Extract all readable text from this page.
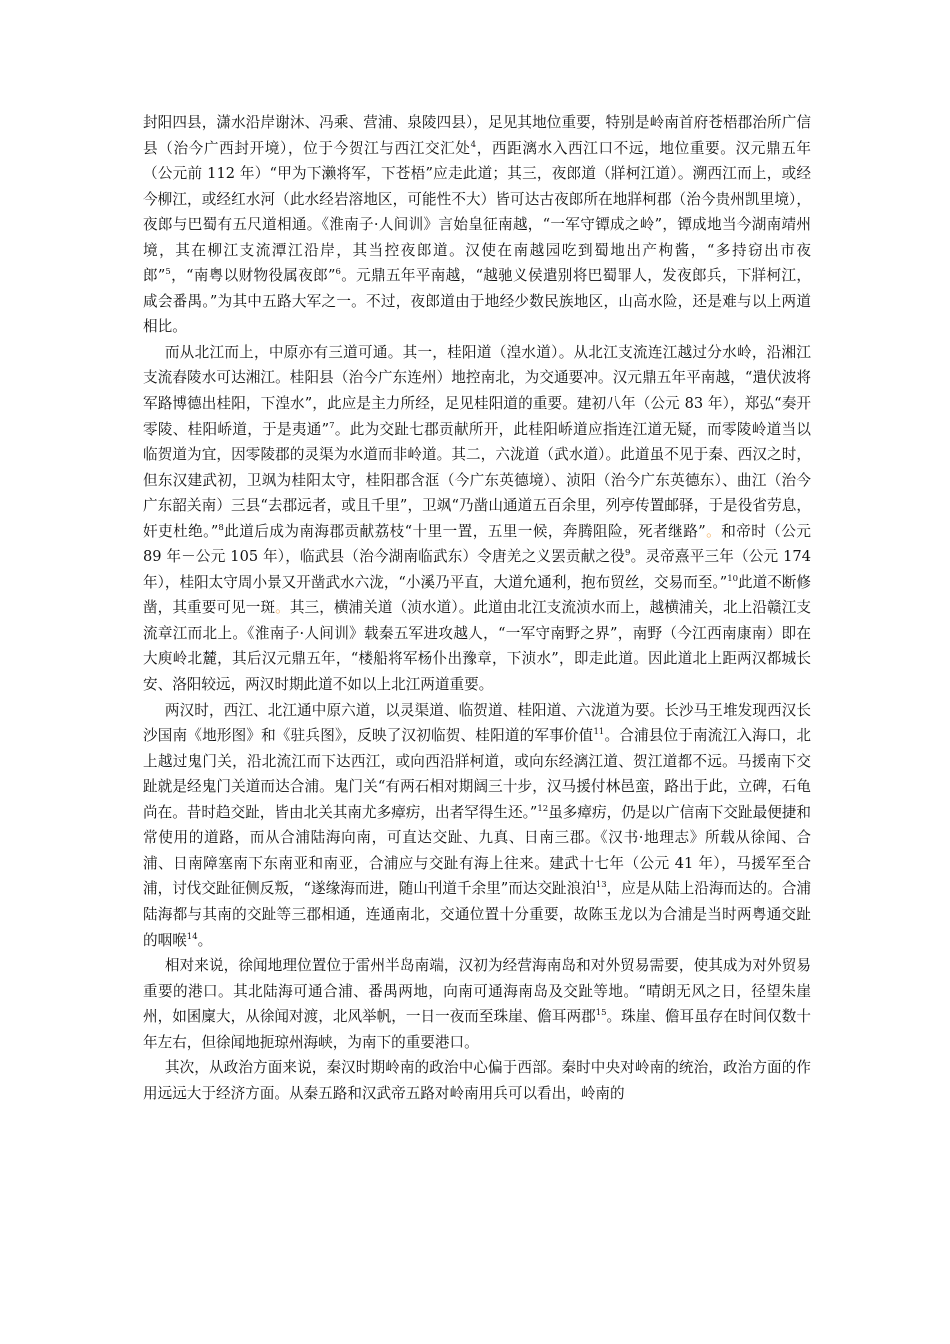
封阳四县，潇水沿岸谢沐、冯乘、营浦、泉陵四县），足见其地位重要，特别是岭南首府苍梧郡治所广信县（治今广西封开境），位于今贺江与西江交汇处$^4$，西距漓水入西江口不远，地位重要。汉元鼎五年（公元前 112 年）“甲为下濑将军，下苍梧”应走此道；其三，夜郎道（牂柯江道）。溯西江而上，或经今柳江，或经红水河（此水经岩溶地区，可能性不大）皆可达古夜郎所在地牂柯郡（治今贵州凯里境），夜郎与巴蜀有五尺道相通。《淮南子·人间训》言始皇征南越，“一军守镡成之岭”，镡成地当今湖南靖州境，其在柳江支流潭江沿岸，其当控夜郎道。汉使在南越园吃到蜀地出产枸酱，“多持窃出市夜郎”$^5$，“南粤以财物役属夜郎”$^6$。元鼎五年平南越，“越驰义侯遣别将巴蜀罪人，发夜郎兵，下牂柯江，咸会番禺。”为其中五路大军之一。不过，夜郎道由于地经少数民族地区，山高水险，还是难与以上两道相比。

而从北江而上，中原亦有三道可通。其一，桂阳道（湟水道）。从北江支流连江越过分水岭，沿湘江支流舂陵水可达湘江。桂阳县（治今广东连州）地控南北，为交通要冲。汉元鼎五年平南越，“遣伏波将军路博德出桂阳，下湟水”，此应是主力所经，足见桂阳道的重要。建初八年（公元 83 年），郑弘“奏开零陵、桂阳峤道，于是夷通”$^7$。此为交趾七郡贡献所开，此桂阳峤道应指连江道无疑，而零陵岭道当以临贺道为宜，因零陵郡的灵渠为水道而非岭道。其二，六泷道（武水道）。此道虽不见于秦、西汉之时，但东汉建武初，卫飒为桂阳太守，桂阳郡含洭（今广东英德境）、浈阳（治今广东英德东）、曲江（治今广东韶关南）三县“去郡远者，或且千里”，卫飒“乃凿山通道五百余里，列亭传置邮驿，于是役省劳息，奸吏杜绝。”$^8$此道后成为南海郡贡献荔枝“十里一置，五里一候，奔腾阻险，死者继路”。和帝时（公元 89 年－公元 105 年），临武县（治今湖南临武东）令唐羌之义罢贡献之役$^9$。灵帝熹平三年（公元 174 年），桂阳太守周小景又开凿武水六泷，“小溪乃平直，大道允通利，抱布贸丝，交易而至。”$^{10}$此道不断修凿，其重要可见一斑。其三，横浦关道（浈水道）。此道由北江支流浈水而上，越横浦关，北上沿赣江支流章江而北上。《淮南子·人间训》载秦五军进攻越人，“一军守南野之界”，南野（今江西南康南）即在大庾岭北麓，其后汉元鼎五年，“楼船将军杨仆出豫章，下浈水”，即走此道。因此道北上距两汉都城长安、洛阳较远，两汉时期此道不如以上北江两道重要。

两汉时，西江、北江通中原六道，以灵渠道、临贺道、桂阳道、六泷道为要。长沙马王堆发现西汉长沙国南《地形图》和《驻兵图》，反映了汉初临贺、桂阳道的军事价值$^{11}$。合浦县位于南流江入海口，北上越过鬼门关，沿北流江而下达西江，或向西沿牂柯道，或向东经漓江道、贺江道都不远。马援南下交趾就是经鬼门关道而达合浦。鬼门关“有两石相对期阔三十步，汉马援付林邑蛮，路出于此，立碑，石龟尚在。昔时趋交趾，皆由北关其南尤多瘴疠，出者罕得生还。”$^{12}$虽多瘴疠，仍是以广信南下交趾最便捷和常使用的道路，而从合浦陆海向南，可直达交趾、九真、日南三郡。《汉书·地理志》所载从徐闻、合浦、日南障塞南下东南亚和南亚，合浦应与交趾有海上往来。建武十七年（公元 41 年），马援军至合浦，讨伐交趾征侧反叛，“遂缘海而进，随山刊道千余里”而达交趾浪泊$^{13}$，应是从陆上沿海而达的。合浦陆海都与其南的交趾等三郡相通，连通南北，交通位置十分重要，故陈玉龙以为合浦是当时两粤通交趾的咽喉$^{14}$。

相对来说，徐闻地理位置位于雷州半岛南端，汉初为经营海南岛和对外贸易需要，使其成为对外贸易重要的港口。其北陆海可通合浦、番禺两地，向南可通海南岛及交趾等地。“晴朗无风之日，径望朱崖州，如囷廩大，从徐闻对渡，北风举帆，一日一夜而至珠崖、儋耳两郡$^{15}$。珠崖、儋耳虽存在时间仅数十年左右，但徐闻地扼琼州海峡，为南下的重要港口。

其次，从政治方面来说，秦汉时期岭南的政治中心偏于西部。秦时中央对岭南的统治，政治方面的作用远远大于经济方面。从秦五路和汉武帝五路对岭南用兵可以看出，岭南的
